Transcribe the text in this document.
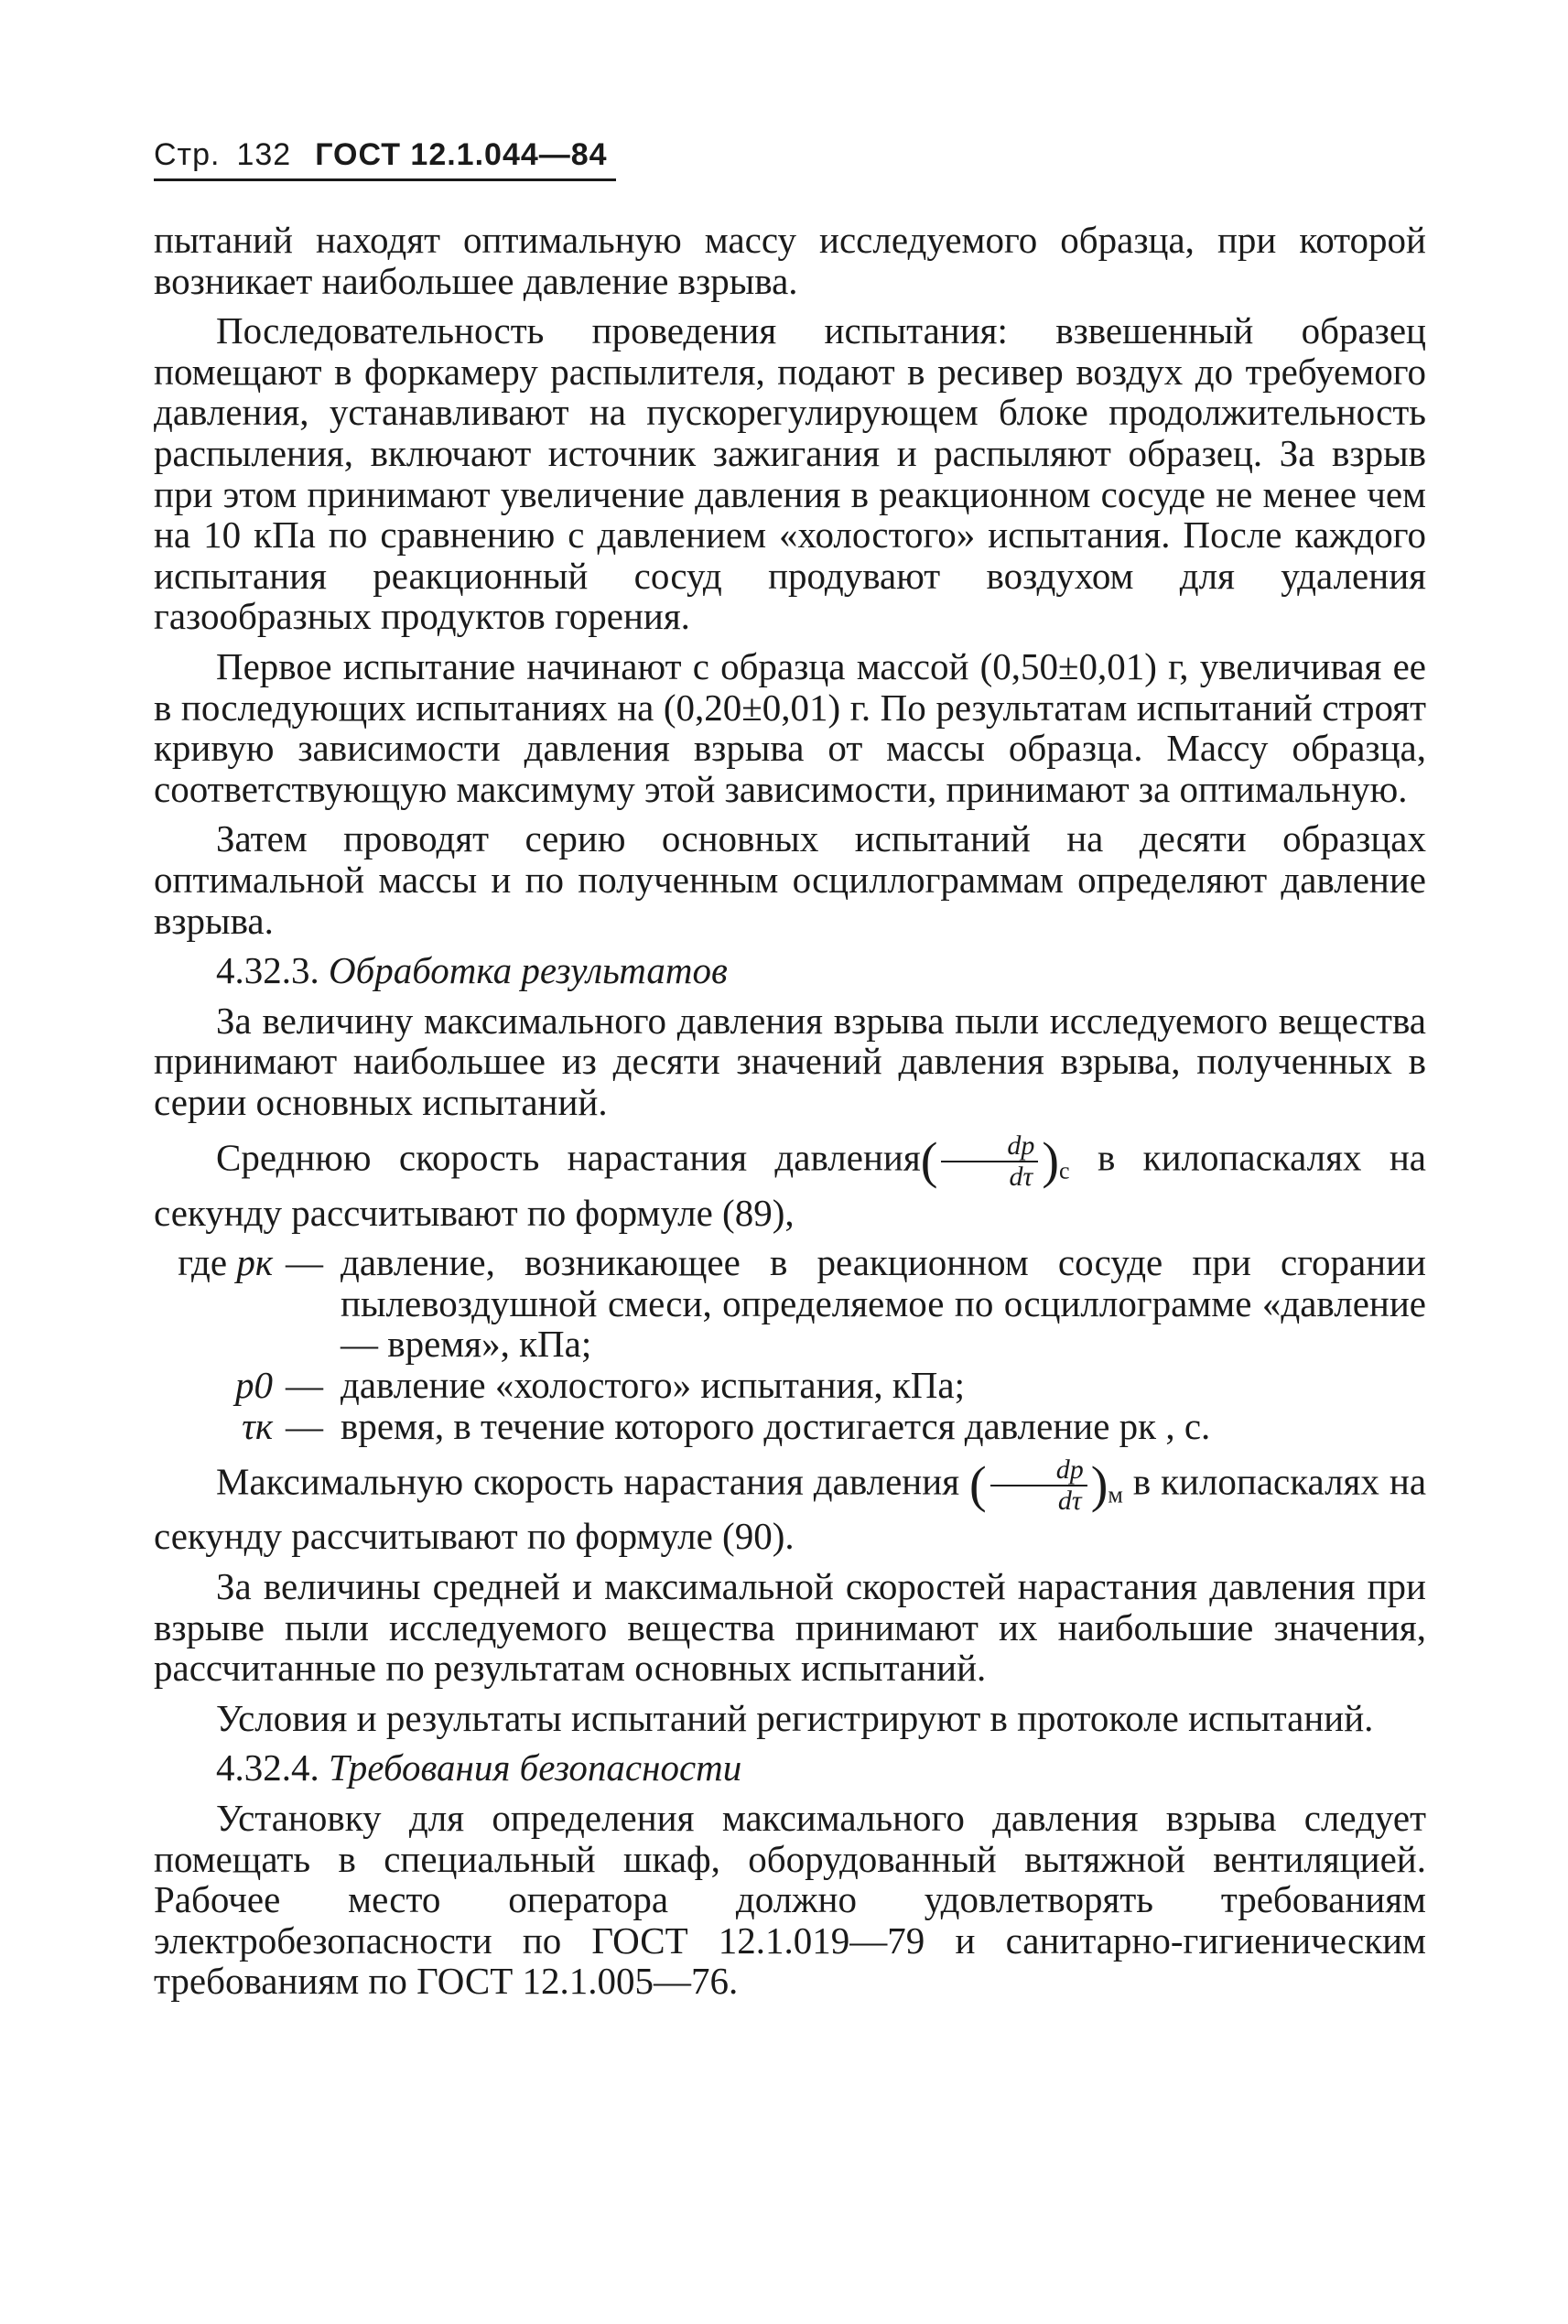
Стр. 132 ГОСТ 12.1.044—84

пытаний находят оптимальную массу исследуемого образца, при которой возникает наибольшее давление взрыва.

Последовательность проведения испытания: взвешенный образец помещают в форкамеру распылителя, подают в ресивер воздух до требуемого давления, устанавливают на пускорегулирующем блоке продолжительность распыления, включают источник зажигания и распыляют образец. За взрыв при этом принимают увеличение давления в реакционном сосуде не менее чем на 10 кПа по сравнению с давлением «холостого» испытания. После каждого испытания реакционный сосуд продувают воздухом для удаления газообразных продуктов горения.

Первое испытание начинают с образца массой (0,50±0,01) г, увеличивая ее в последующих испытаниях на (0,20±0,01) г. По результатам испытаний строят кривую зависимости давления взрыва от массы образца. Массу образца, соответствующую максимуму этой зависимости, принимают за оптимальную.

Затем проводят серию основных испытаний на десяти образцах оптимальной массы и по полученным осциллограммам определяют давление взрыва.

4.32.3. Обработка результатов

За величину максимального давления взрыва пыли исследуемого вещества принимают наибольшее из десяти значений давления взрыва, полученных в серии основных испытаний.

Среднюю скорость нарастания давления( $\frac{dp}{d\tau} )_с$ в килопаскалях на секунду рассчитывают по формуле (89),

где pк — давление, возникающее в реакционном сосуде при сгорании пылевоздушной смеси, определяемое по осциллограмме «давление — время», кПа;
p0 — давление «холостого» испытания, кПа;
τк — время, в течение которого достигается давление pк , с.

Максимальную скорость нарастания давления ( $\frac{dp}{d\tau} )_м$ в килопаскалях на секунду рассчитывают по формуле (90).

За величины средней и максимальной скоростей нарастания давления при взрыве пыли исследуемого вещества принимают их наибольшие значения, рассчитанные по результатам основных испытаний.

Условия и результаты испытаний регистрируют в протоколе испытаний.

4.32.4. Требования безопасности

Установку для определения максимального давления взрыва следует помещать в специальный шкаф, оборудованный вытяжной вентиляцией. Рабочее место оператора должно удовлетворять требованиям электробезопасности по ГОСТ 12.1.019—79 и санитарно-гигиеническим требованиям по ГОСТ 12.1.005—76.
